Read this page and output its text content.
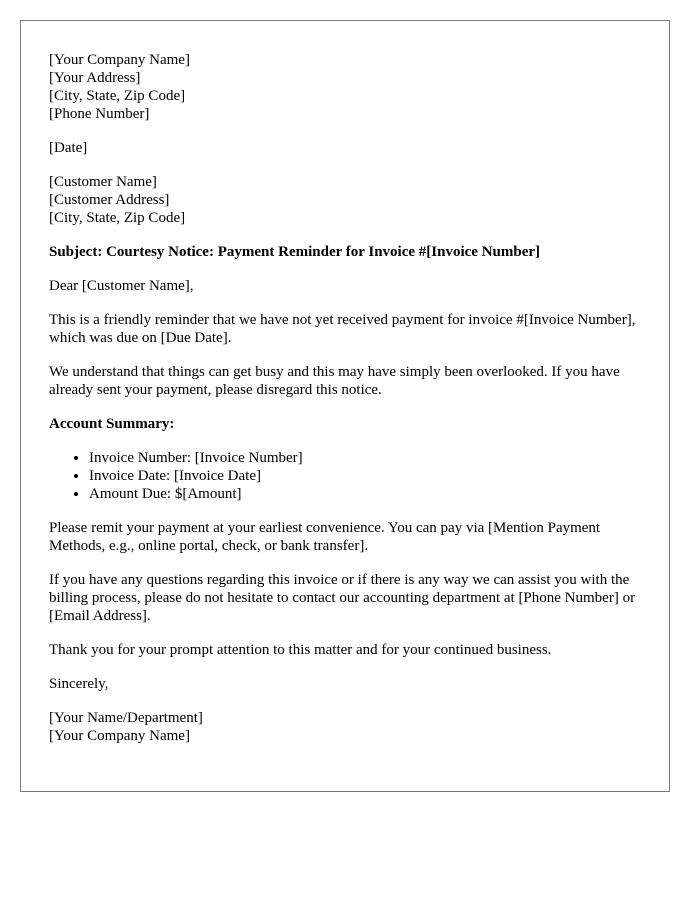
[Your Company Name]
[Your Address]
[City, State, Zip Code]
[Phone Number]
[Date]
[Customer Name]
[Customer Address]
[City, State, Zip Code]
Subject: Courtesy Notice: Payment Reminder for Invoice #[Invoice Number]

Dear [Customer Name],

This is a friendly reminder that we have not yet received payment for invoice #[Invoice Number], which was due on [Due Date].

We understand that things can get busy and this may have simply been overlooked. If you have already sent your payment, please disregard this notice.

Account Summary:
• Invoice Number: [Invoice Number]
• Invoice Date: [Invoice Date]
• Amount Due: $[Amount]

Please remit your payment at your earliest convenience. You can pay via [Mention Payment Methods, e.g., online portal, check, or bank transfer].

If you have any questions regarding this invoice or if there is any way we can assist you with the billing process, please do not hesitate to contact our accounting department at [Phone Number] or [Email Address].

Thank you for your prompt attention to this matter and for your continued business.

Sincerely,

[Your Name/Department]
[Your Company Name]
